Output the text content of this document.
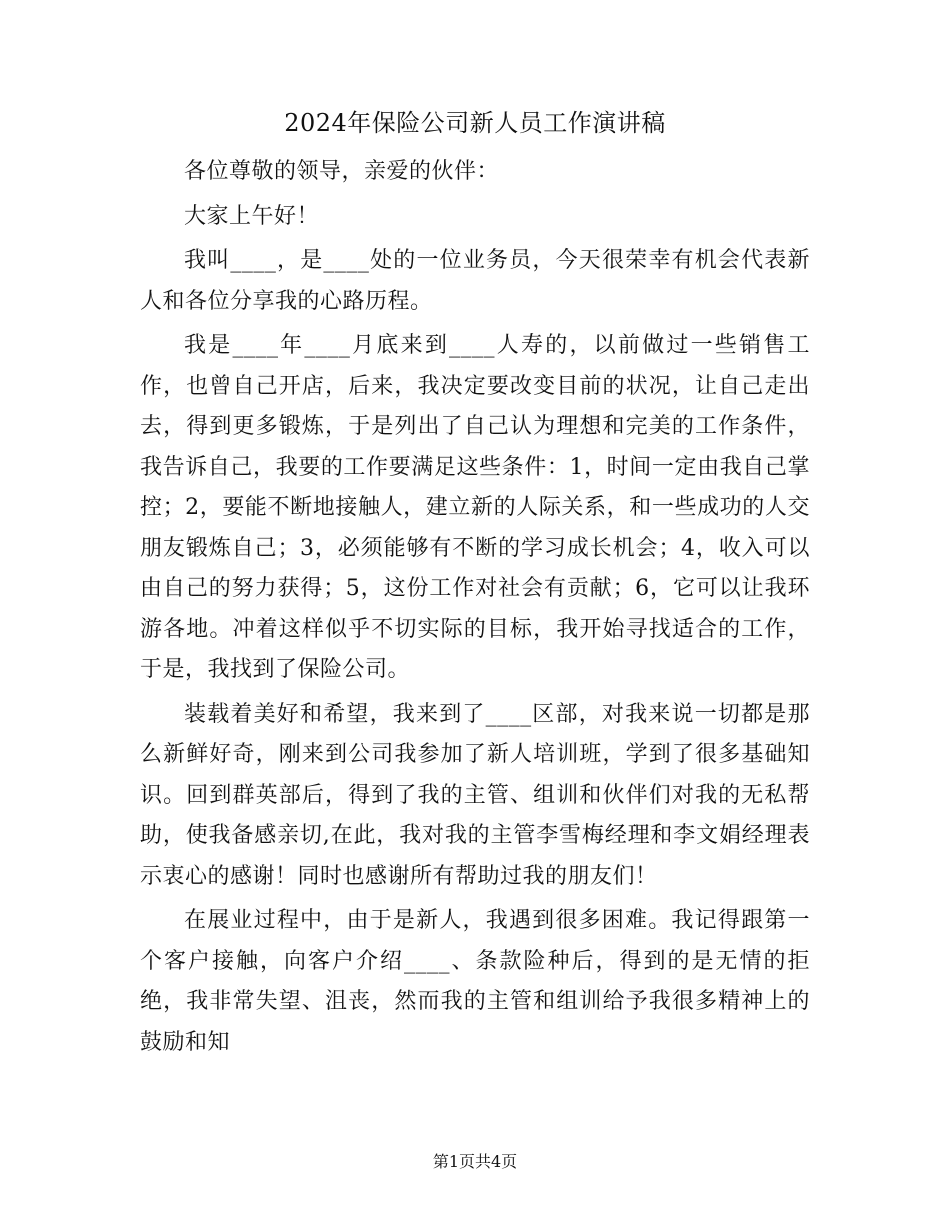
2024年保险公司新人员工作演讲稿

各位尊敬的领导，亲爱的伙伴：

大家上午好！

我叫____，是____处的一位业务员，今天很荣幸有机会代表新人和各位分享我的心路历程。

我是____年____月底来到____人寿的，以前做过一些销售工作，也曾自己开店，后来，我决定要改变目前的状况，让自己走出去，得到更多锻炼，于是列出了自己认为理想和完美的工作条件，我告诉自己，我要的工作要满足这些条件：1，时间一定由我自己掌控；2，要能不断地接触人，建立新的人际关系，和一些成功的人交朋友锻炼自己；3，必须能够有不断的学习成长机会；4，收入可以由自己的努力获得；5，这份工作对社会有贡献；6，它可以让我环游各地。冲着这样似乎不切实际的目标，我开始寻找适合的工作，于是，我找到了保险公司。

装载着美好和希望，我来到了____区部，对我来说一切都是那么新鲜好奇，刚来到公司我参加了新人培训班，学到了很多基础知识。回到群英部后，得到了我的主管、组训和伙伴们对我的无私帮助，使我备感亲切,在此，我对我的主管李雪梅经理和李文娟经理表示衷心的感谢！同时也感谢所有帮助过我的朋友们！

在展业过程中，由于是新人，我遇到很多困难。我记得跟第一个客户接触，向客户介绍____、条款险种后，得到的是无情的拒绝，我非常失望、沮丧，然而我的主管和组训给予我很多精神上的鼓励和知

第1页共4页
